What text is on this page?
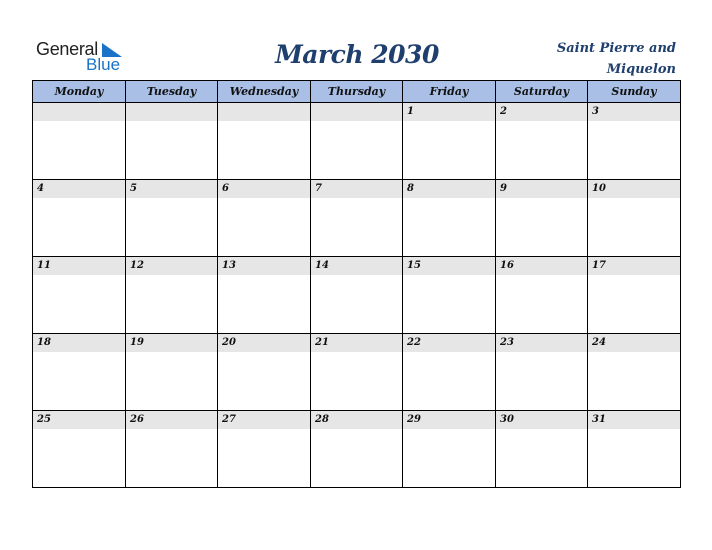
General
Blue	March 2030	Saint Pierre and Miquelon
Monday	Tuesday	Wednesday	Thursday	Friday	Saturday	Sunday

				1	2	3

4	5	6	7	8	9	10

11	12	13	14	15	16	17

18	19	20	21	22	23	24

25	26	27	28	29	30	31
